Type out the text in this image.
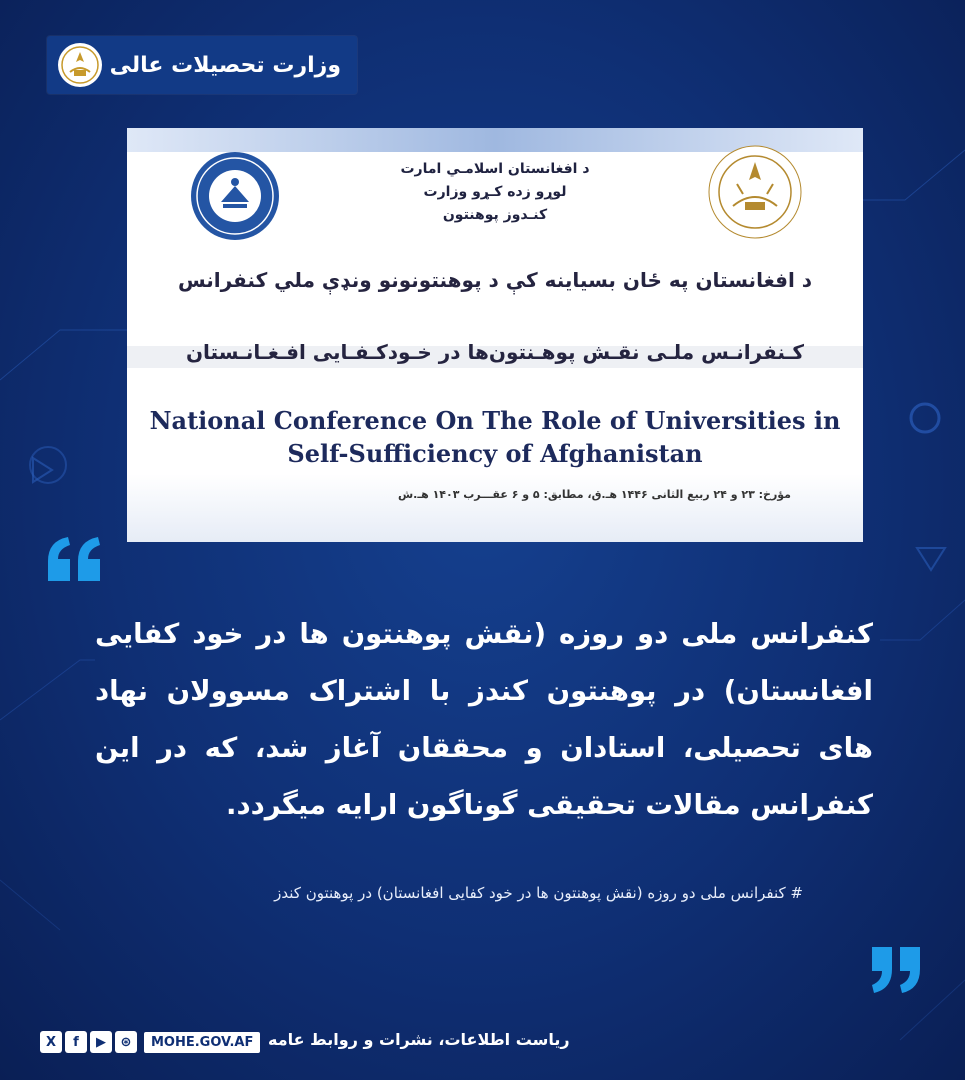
وزارت تحصیلات عالی
د افغانستان اسلامـي امارت
لوړو زده کـړو وزارت
کنـدوز پوهنتون
د افغانستان په ځان بسیاینه کې د پوهنتونونو ونډې ملي کنفرانس
کـنفرانـس ملـی نقـش پوهـنتون‌ها در خـودکـفـایی افـغـانـستان
National Conference On The Role of Universities in
Self-Sufficiency of Afghanistan
مؤرخ: ۲۳ و ۲۴ ربیع الثانی ۱۴۴۶ هـ.ق، مطابق: ۵ و ۶ عقـــرب ۱۴۰۳ هـ.ش
کنفرانس ملی دو روزه (نقش پوهنتون ها در خود کفایی افغانستان) در پوهنتون کندز با اشتراک مسوولان نهاد های تحصیلی، استادان و محققان آغاز شد، که در این کنفرانس مقالات تحقیقی گوناگون ارایه میگردد.
# کنفرانس ملی دو روزه (نقش پوهنتون ها در خود کفایی افغانستان) در پوهنتون کندز
X	f	▶	⊛	MOHE.GOV.AF ریاست اطلاعات، نشرات و روابط عامه
